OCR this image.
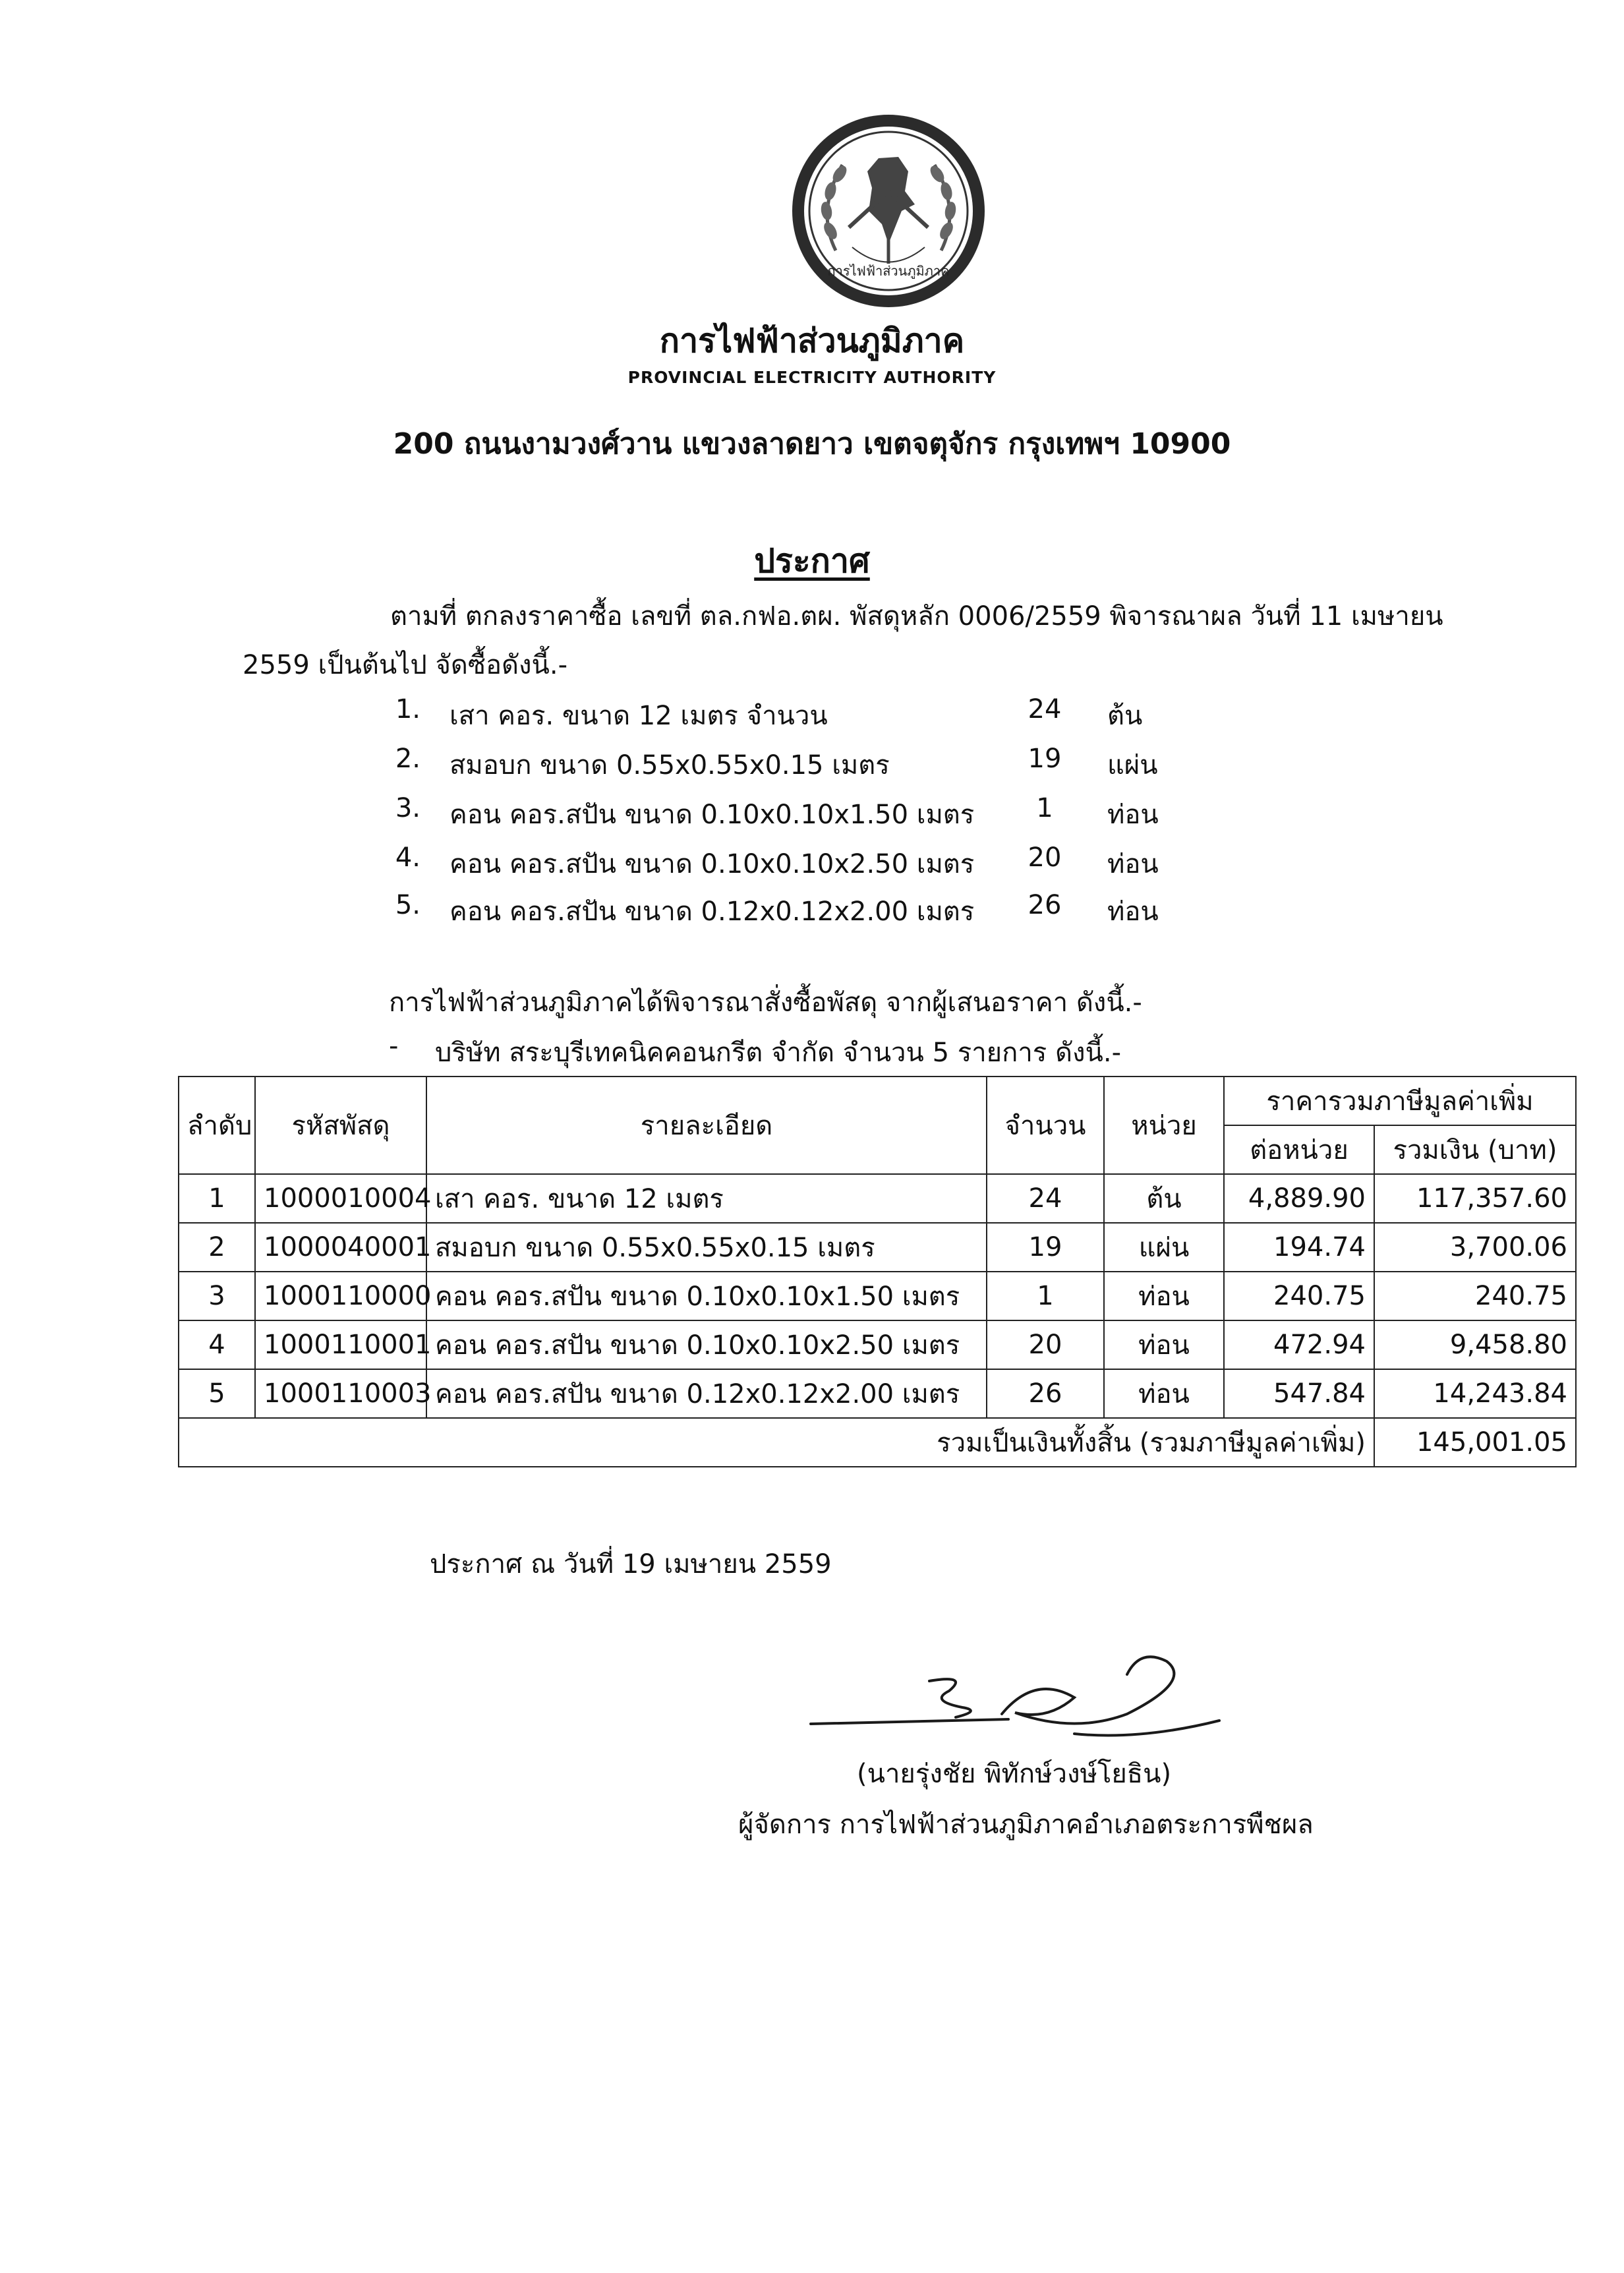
การไฟฟ้าส่วนภูมิภาค
การไฟฟ้าส่วนภูมิภาค
PROVINCIAL ELECTRICITY AUTHORITY
200 ถนนงามวงศ์วาน แขวงลาดยาว เขตจตุจักร กรุงเทพฯ 10900
ประกาศ
ตามที่ ตกลงราคาซื้อ เลขที่ ตล.กฟอ.ตผ. พัสดุหลัก 0006/2559 พิจารณาผล วันที่ 11 เมษายน
2559 เป็นต้นไป จัดซื้อดังนี้.-
1. เสา คอร. ขนาด 12 เมตร จำนวน	24	ต้น
2. สมอบก ขนาด 0.55x0.55x0.15 เมตร	19	แผ่น
3. คอน คอร.สปัน ขนาด 0.10x0.10x1.50 เมตร	1	ท่อน
4. คอน คอร.สปัน ขนาด 0.10x0.10x2.50 เมตร	20	ท่อน
5. คอน คอร.สปัน ขนาด 0.12x0.12x2.00 เมตร	26	ท่อน
การไฟฟ้าส่วนภูมิภาคได้พิจารณาสั่งซื้อพัสดุ จากผู้เสนอราคา ดังนี้.-
- บริษัท สระบุรีเทคนิคคอนกรีต จำกัด จำนวน 5 รายการ ดังนี้.-
ลำดับ	รหัสพัสดุ	รายละเอียด	จำนวน	หน่วย	ราคารวมภาษีมูลค่าเพิ่ม	
					ต่อหน่วย	รวมเงิน (บาท)
1	1000010004	เสา คอร. ขนาด 12 เมตร	24	ต้น	4,889.90	117,357.60
2	1000040001	สมอบก ขนาด 0.55x0.55x0.15 เมตร	19	แผ่น	194.74	3,700.06
3	1000110000	คอน คอร.สปัน ขนาด 0.10x0.10x1.50 เมตร	1	ท่อน	240.75	240.75
4	1000110001	คอน คอร.สปัน ขนาด 0.10x0.10x2.50 เมตร	20	ท่อน	472.94	9,458.80
5	1000110003	คอน คอร.สปัน ขนาด 0.12x0.12x2.00 เมตร	26	ท่อน	547.84	14,243.84
รวมเป็นเงินทั้งสิ้น (รวมภาษีมูลค่าเพิ่ม)						145,001.05
ประกาศ ณ วันที่ 19 เมษายน 2559
(นายรุ่งชัย พิทักษ์วงษ์โยธิน)
ผู้จัดการ การไฟฟ้าส่วนภูมิภาคอำเภอตระการพืชผล
